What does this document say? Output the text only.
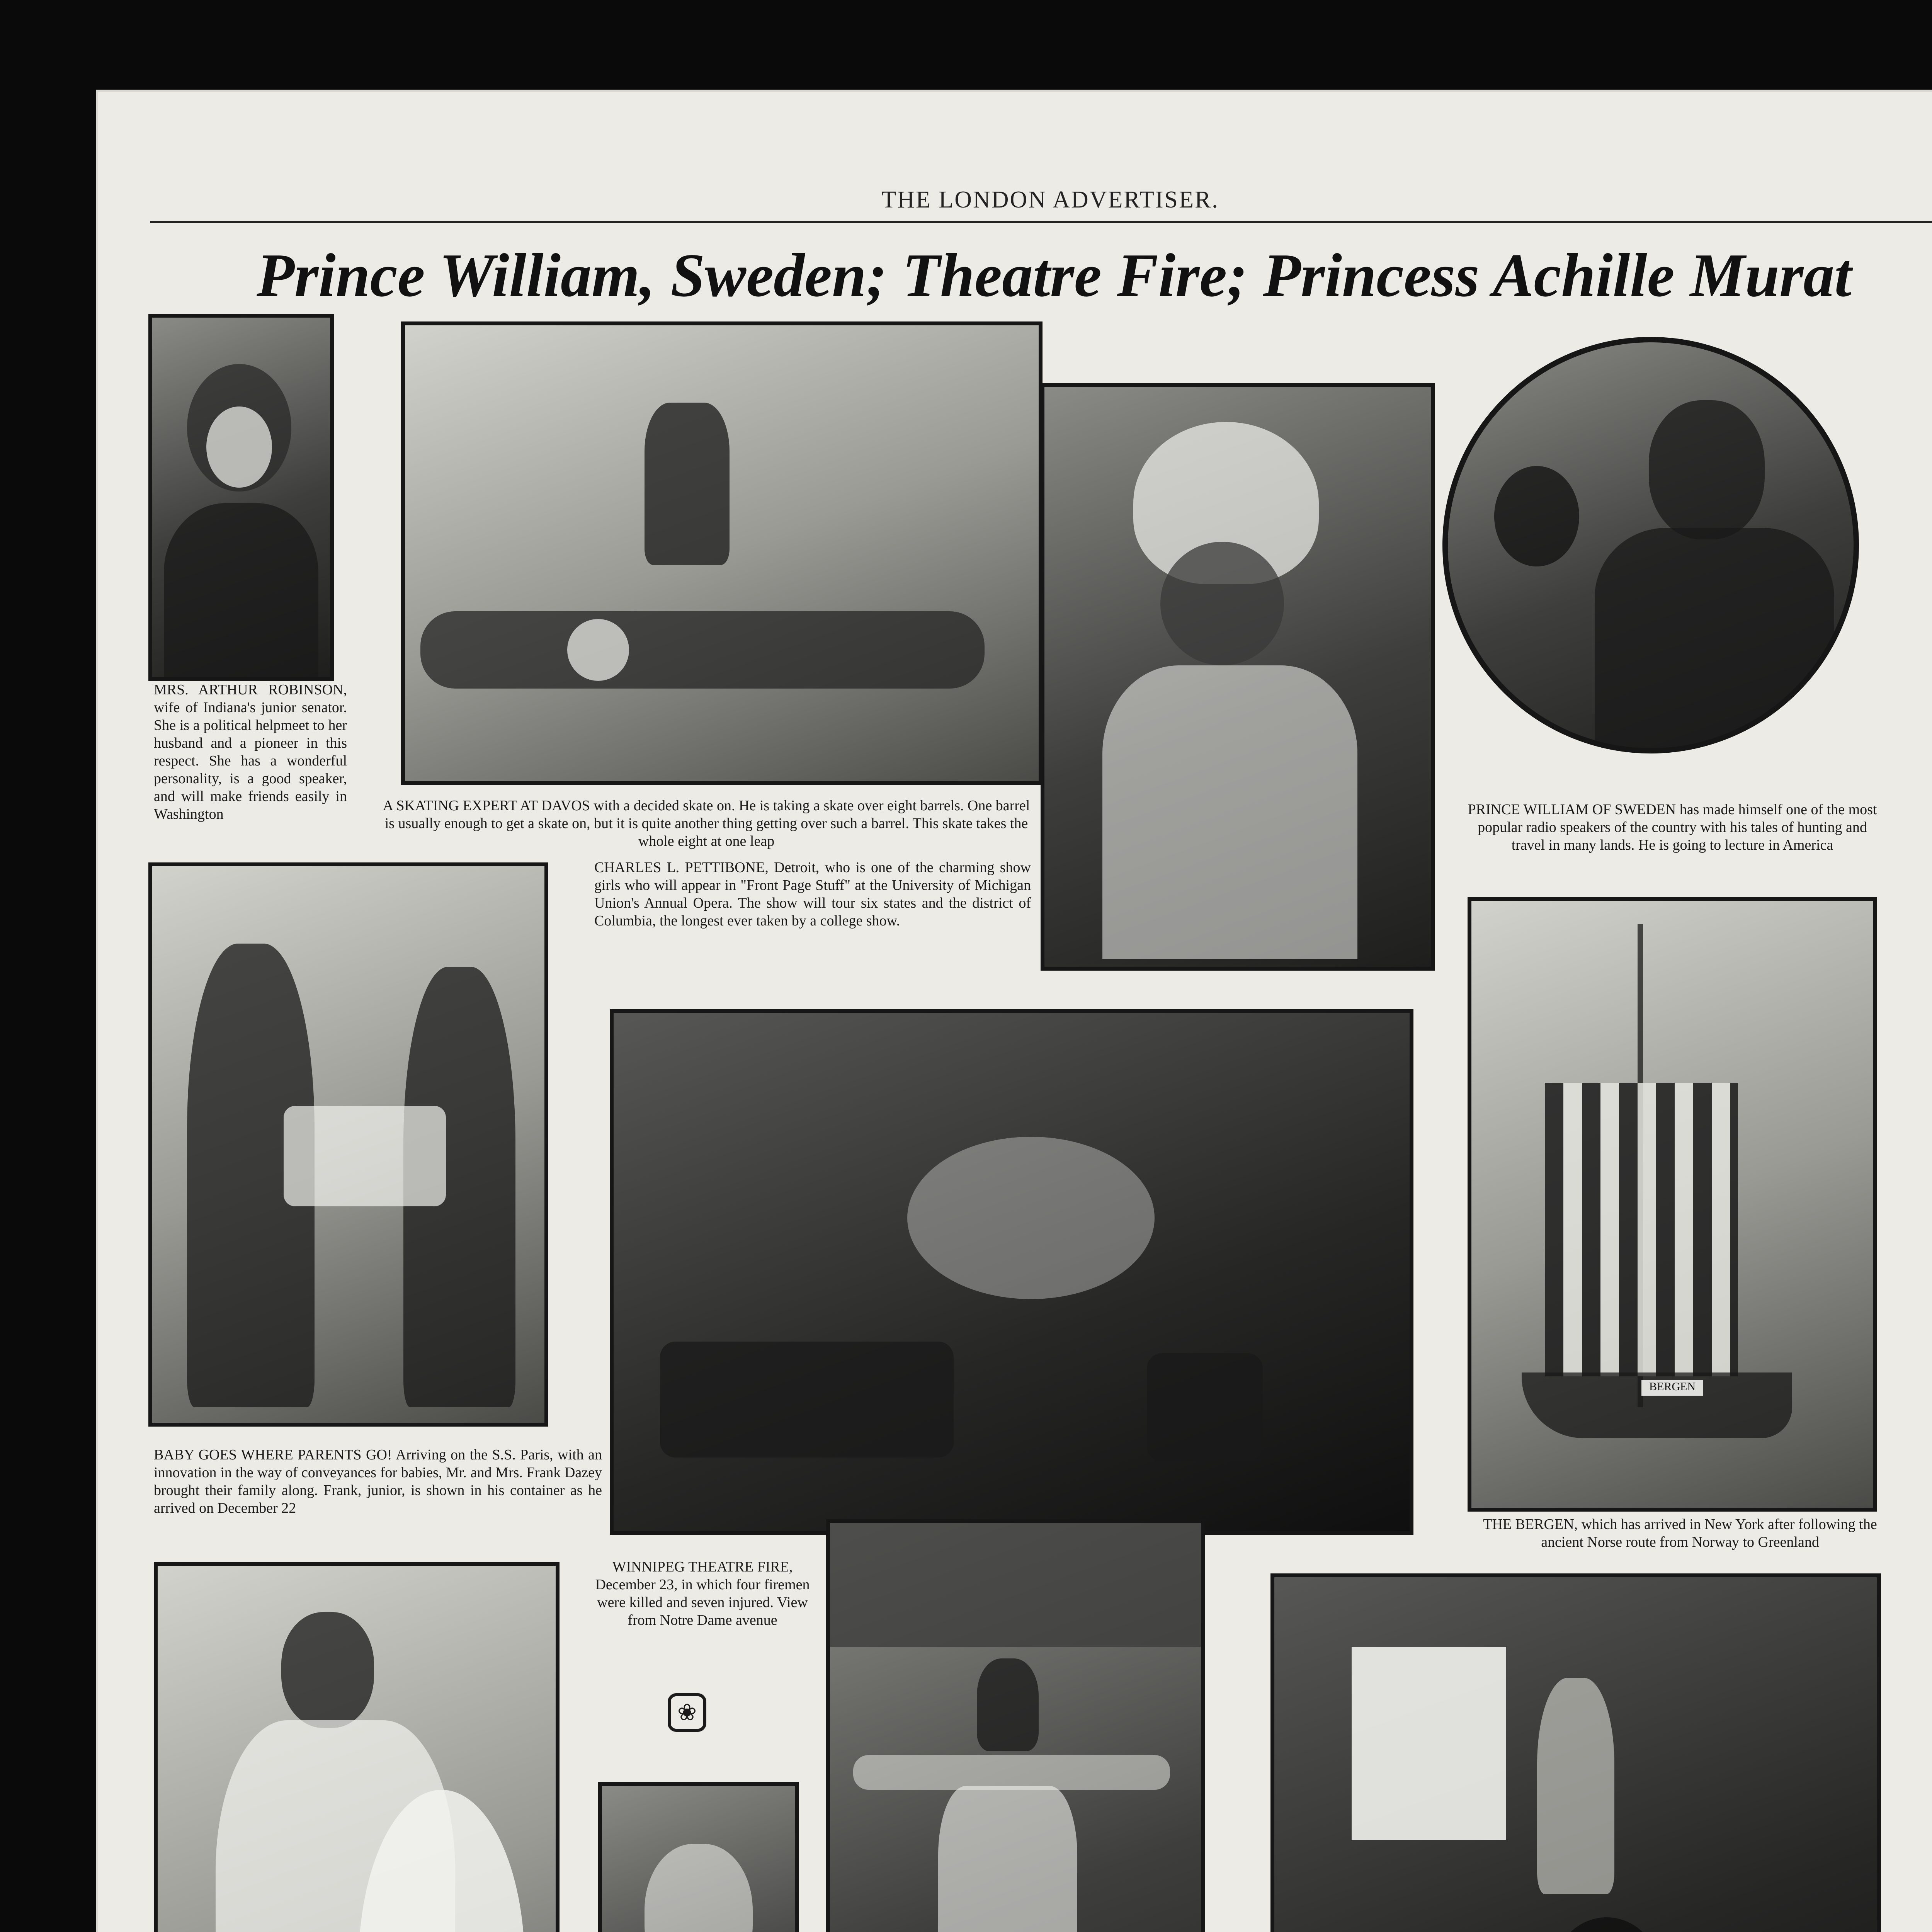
THE LONDON ADVERTISER.
Prince William, Sweden; Theatre Fire; Princess Achille Murat
MRS. ARTHUR ROBINSON, wife of Indiana's junior senator. She is a political helpmeet to her husband and a pioneer in this respect. She has a wonderful personality, is a good speaker, and will make friends easily in Washington
A SKATING EXPERT AT DAVOS with a decided skate on. He is taking a skate over eight barrels. One barrel is usually enough to get a skate on, but it is quite another thing getting over such a barrel. This skate takes the whole eight at one leap
CHARLES L. PETTIBONE, Detroit, who is one of the charming show girls who will appear in "Front Page Stuff" at the University of Michigan Union's Annual Opera. The show will tour six states and the district of Columbia, the longest ever taken by a college show.
PRINCE WILLIAM OF SWEDEN has made himself one of the most popular radio speakers of the country with his tales of hunting and travel in many lands. He is going to lecture in America
BABY GOES WHERE PARENTS GO! Arriving on the S.S. Paris, with an innovation in the way of conveyances for babies, Mr. and Mrs. Frank Dazey brought their family along. Frank, junior, is shown in his container as he arrived on December 22
WINNIPEG THEATRE FIRE, December 23, in which four firemen were killed and seven injured. View from Notre Dame avenue
❀
BERGEN
THE BERGEN, which has arrived in New York after following the ancient Norse route from Norway to Greenland
